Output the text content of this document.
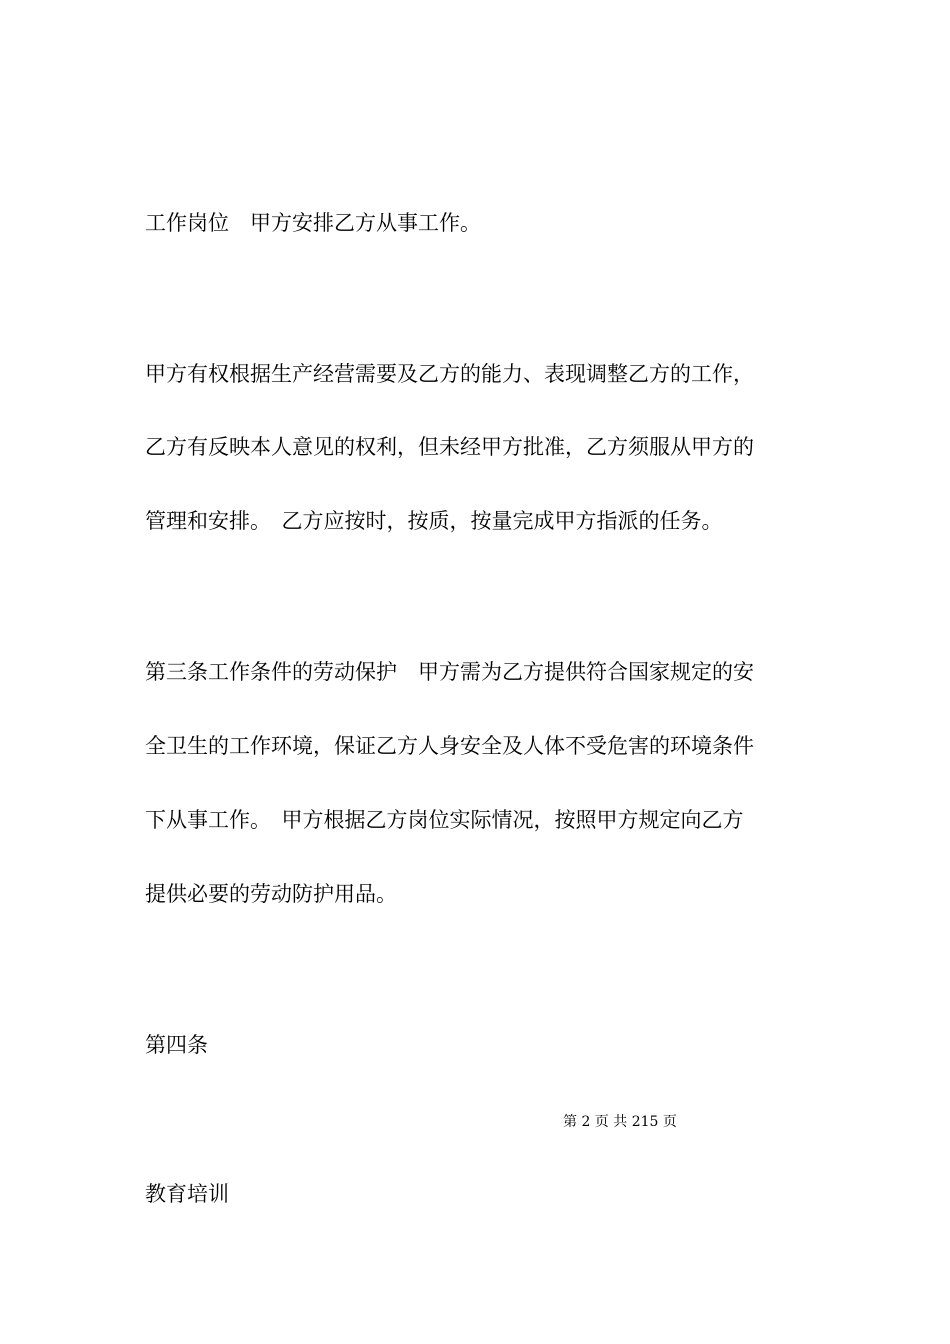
工作岗位　甲方安排乙方从事工作。
甲方有权根据生产经营需要及乙方的能力、表现调整乙方的工作，
乙方有反映本人意见的权利，但未经甲方批准，乙方须服从甲方的
管理和安排。　乙方应按时，按质，按量完成甲方指派的任务。
第三条工作条件的劳动保护　甲方需为乙方提供符合国家规定的安
全卫生的工作环境，保证乙方人身安全及人体不受危害的环境条件
下从事工作。　甲方根据乙方岗位实际情况，按照甲方规定向乙方
提供必要的劳动防护用品。
第四条
第 2 页 共 215 页
教育培训
